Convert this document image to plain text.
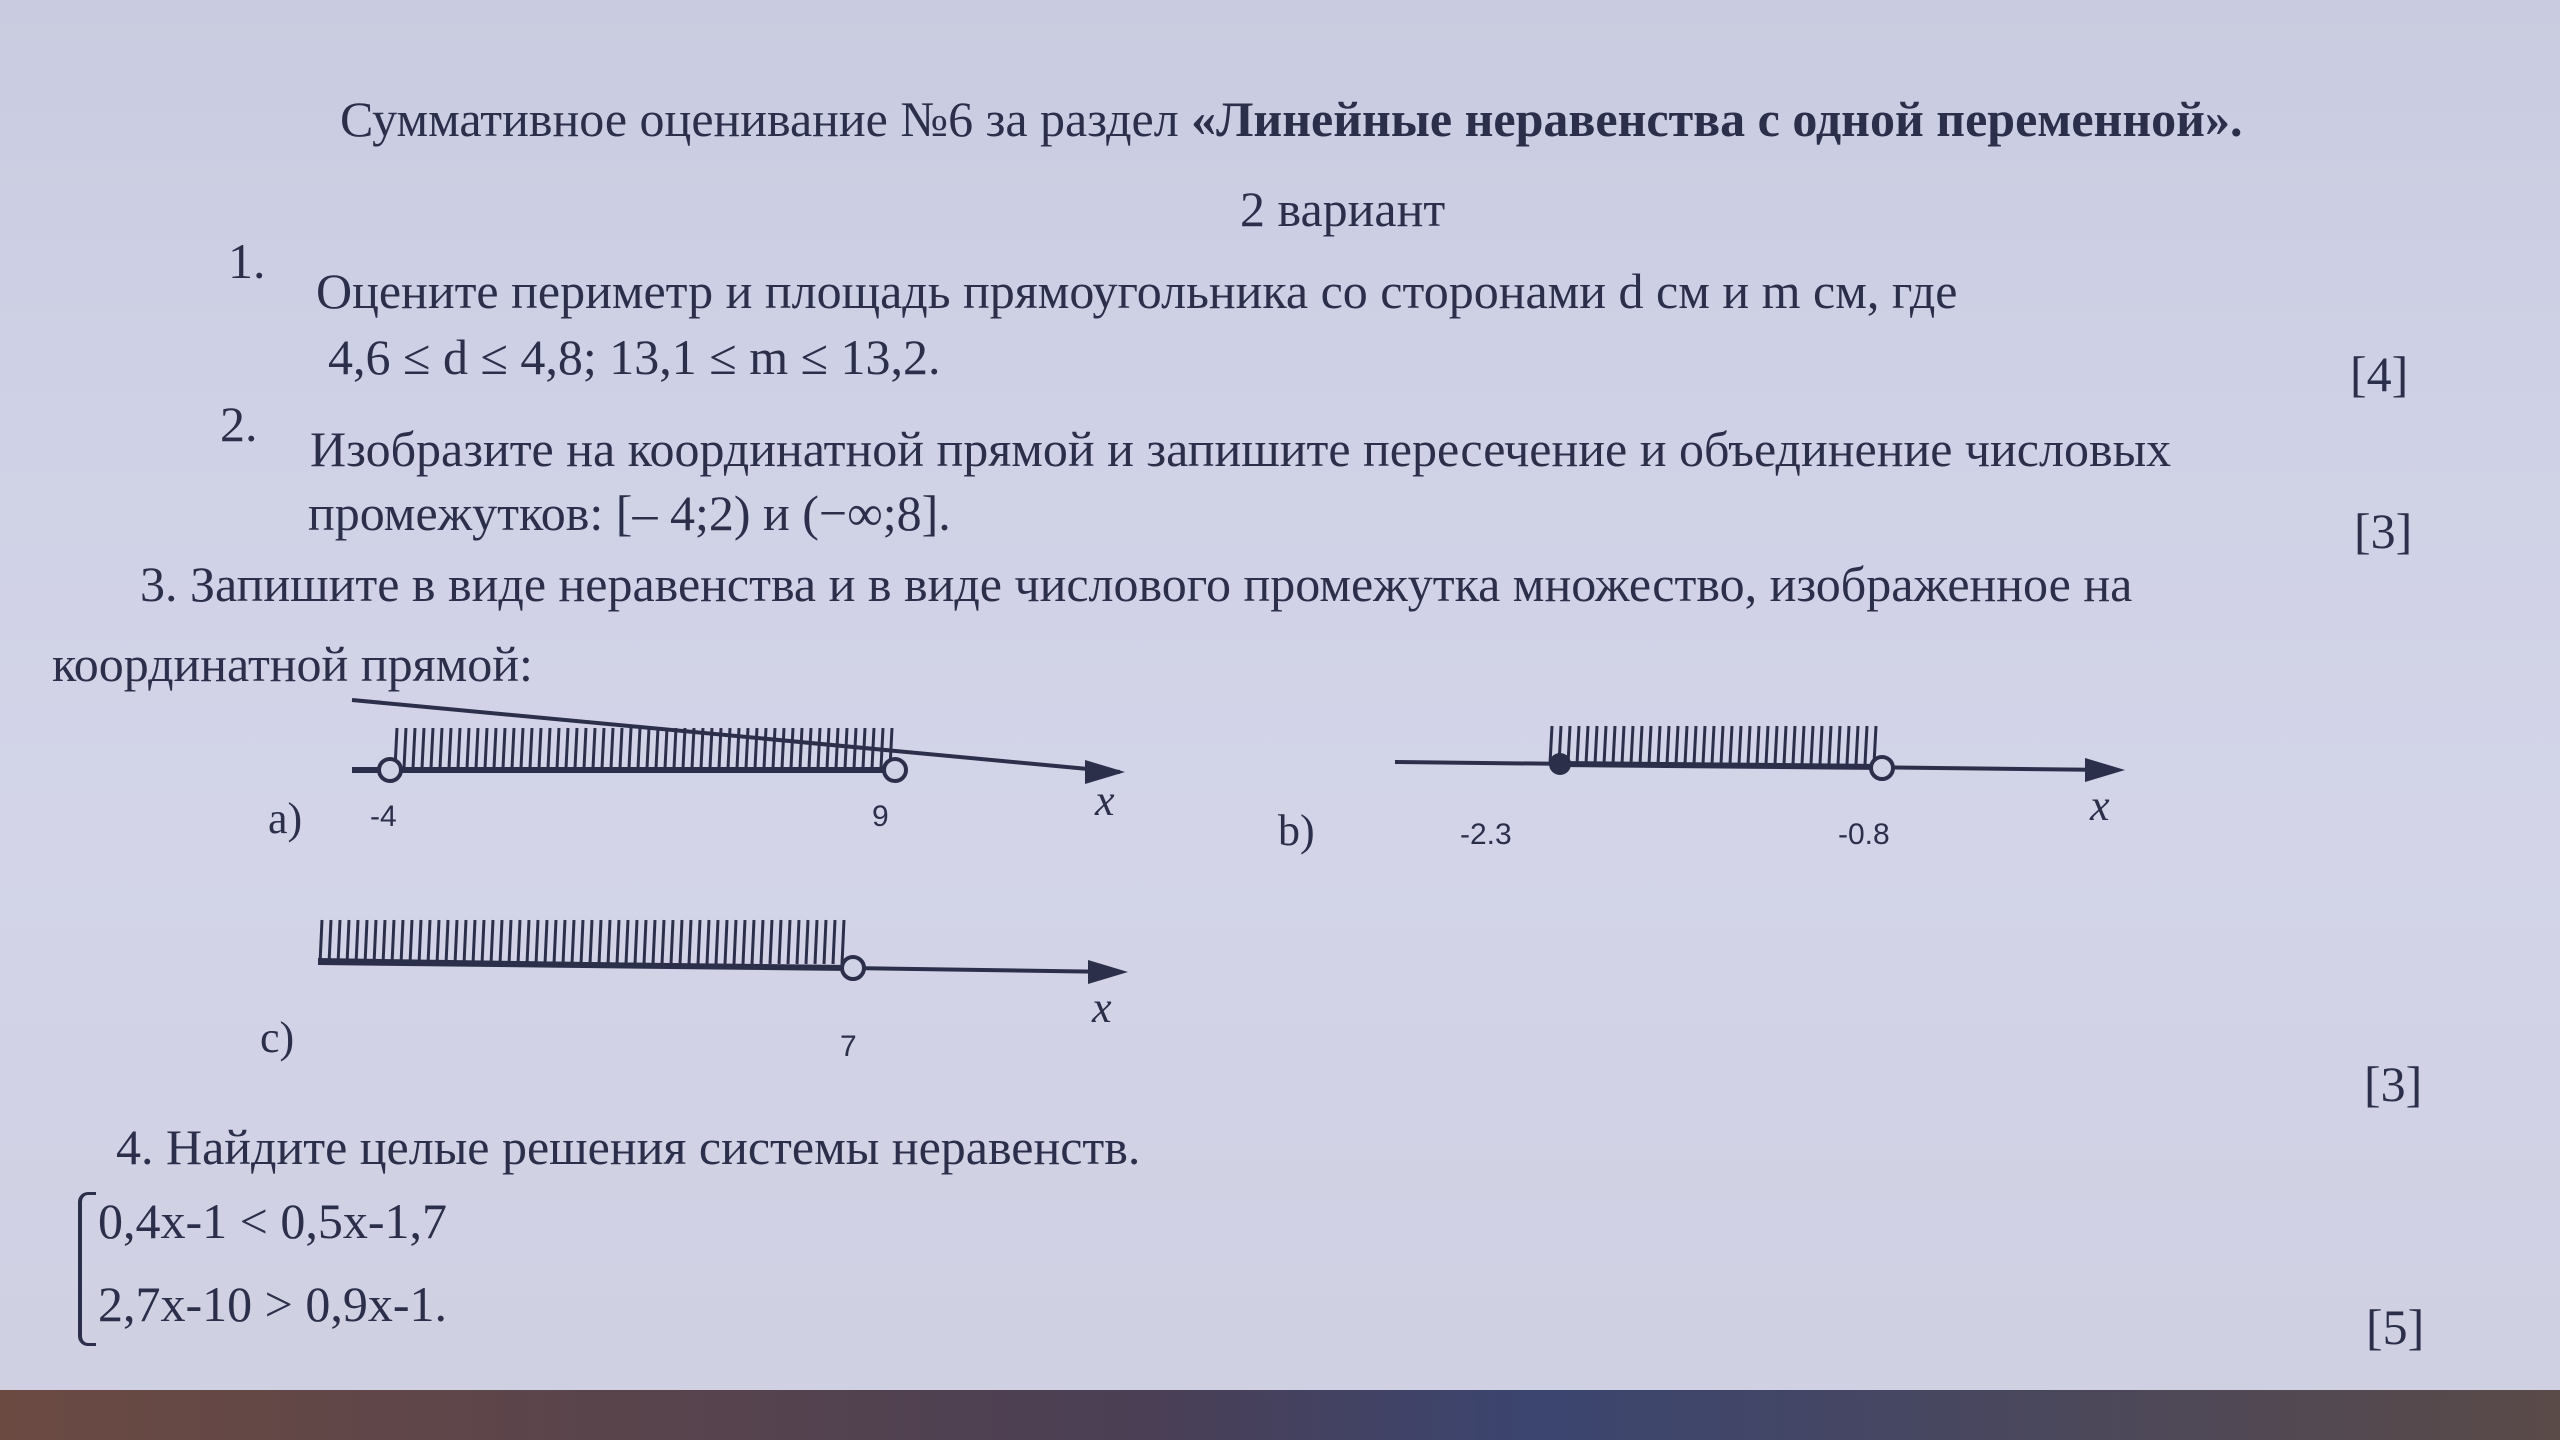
Суммативное оценивание №6 за раздел «Линейные неравенства с одной переменной».
2 вариант
1.
Оцените периметр и площадь прямоугольника со сторонами d см и m см, где
4,6 ≤ d ≤ 4,8; 13,1 ≤ m ≤ 13,2.	[4]
2. Изобразите на координатной прямой и запишите пересечение и объединение числовых
промежутков: [– 4;2) и (−∞;8].	[3]
3. Запишите в виде неравенства и в виде числового промежутка множество, изображенное на
координатной прямой:
a) -4	9	x
b)	-2.3	-0.8
x
c)	7
x
[3]
4. Найдите целые решения системы неравенств.
0,4x-1 < 0,5x-1,7
2,7x-10 > 0,9x-1.	[5]
